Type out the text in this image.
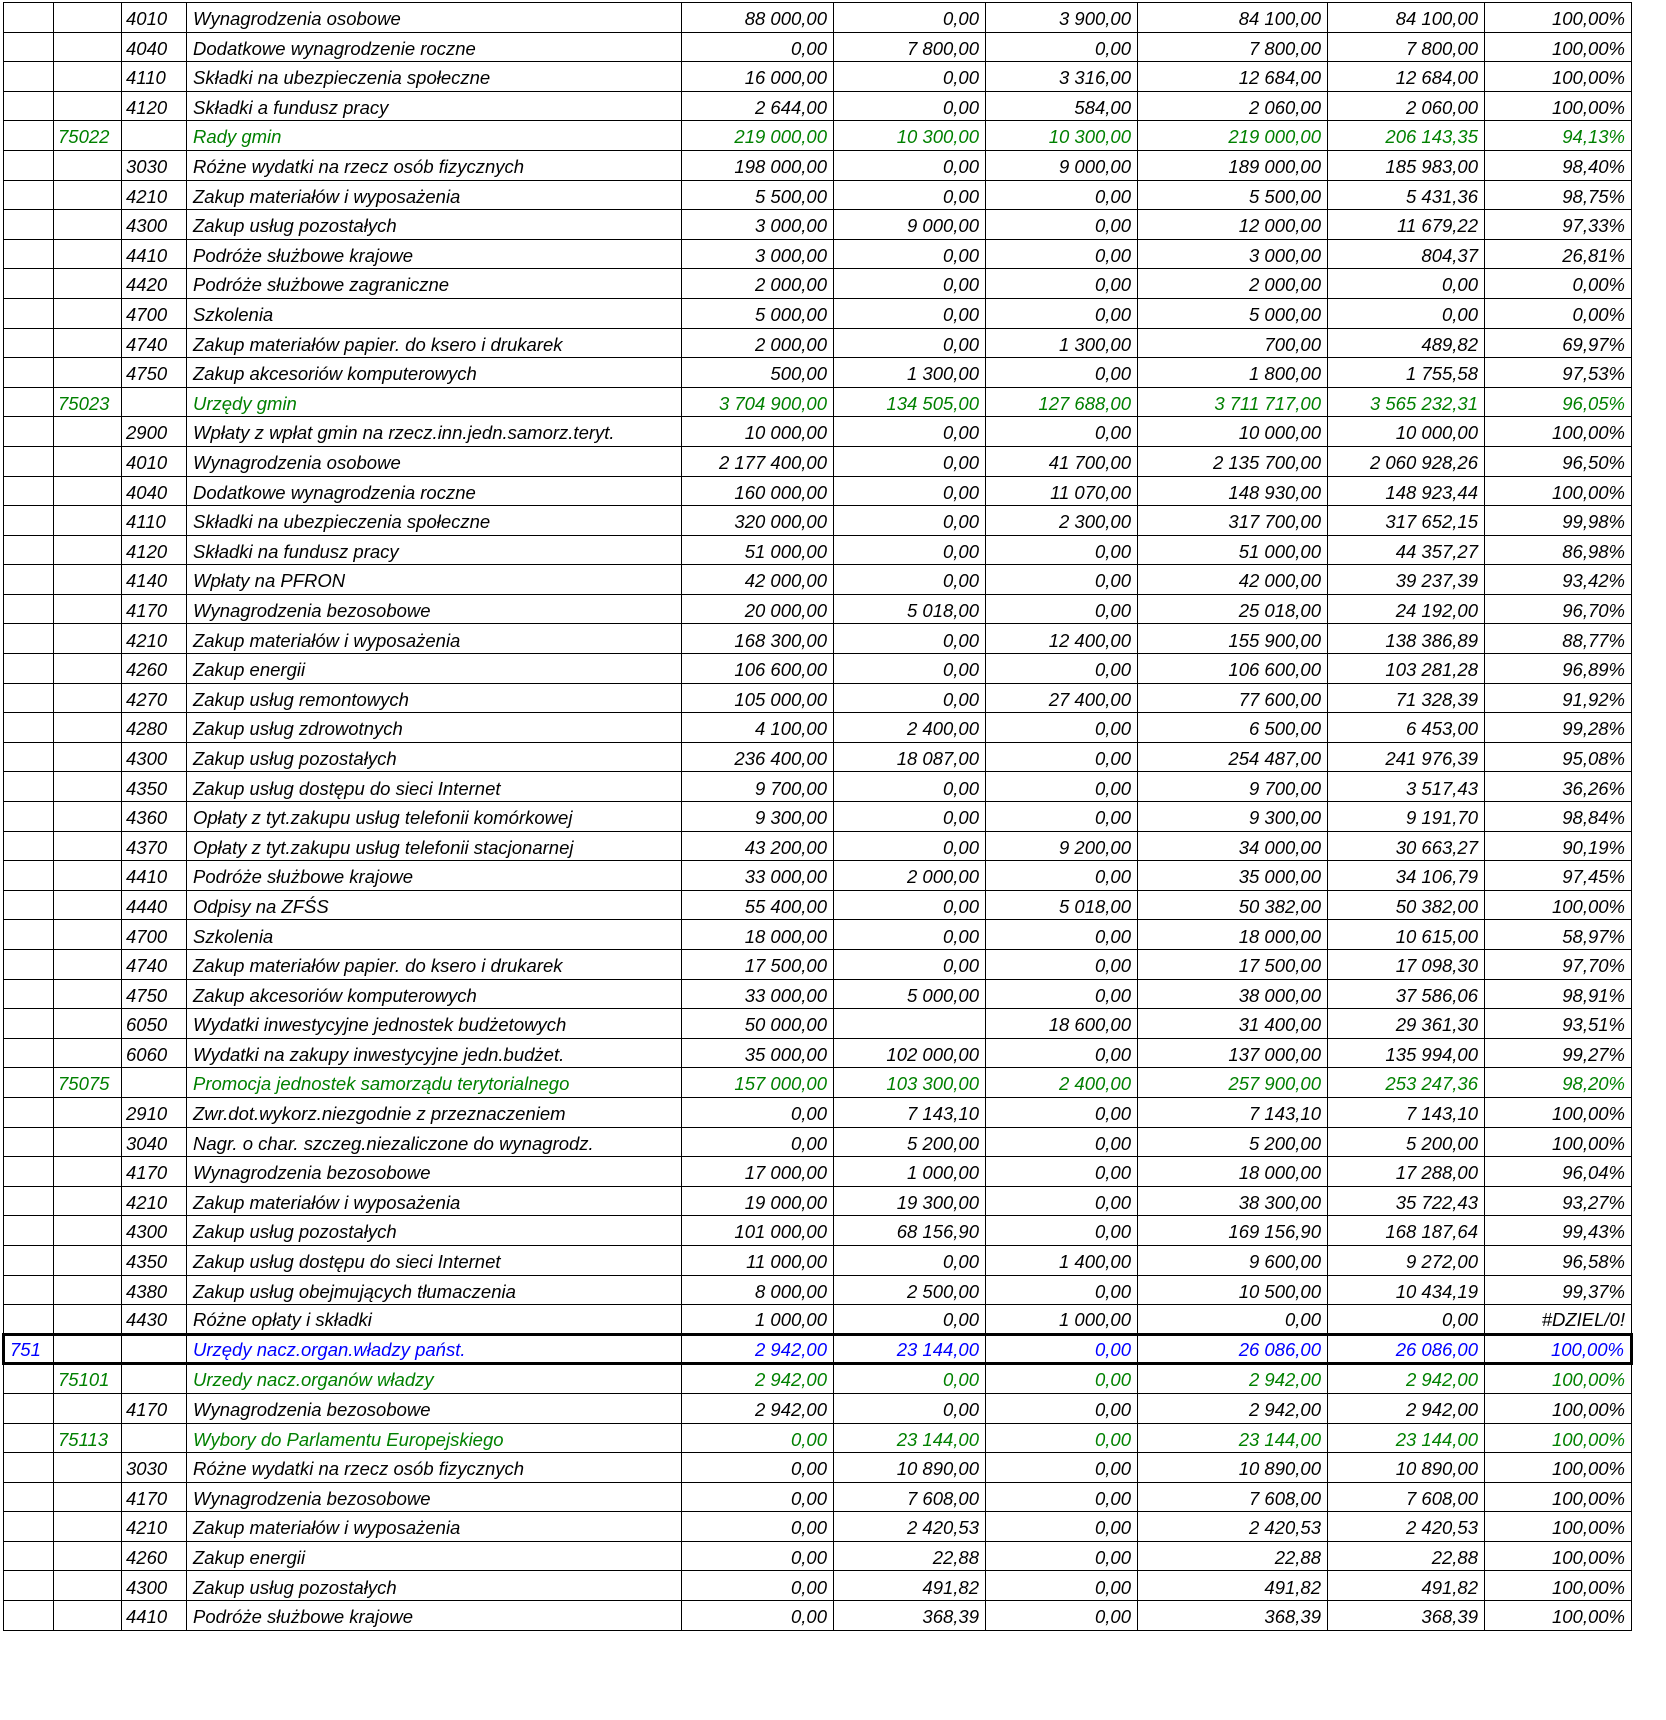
		4010	Wynagrodzenia osobowe	88 000,00	0,00	3 900,00	84 100,00	84 100,00	100,00%
		4040	Dodatkowe wynagrodzenie roczne	0,00	7 800,00	0,00	7 800,00	7 800,00	100,00%
		4110	Składki na ubezpieczenia społeczne	16 000,00	0,00	3 316,00	12 684,00	12 684,00	100,00%
		4120	Składki a fundusz pracy	2 644,00	0,00	584,00	2 060,00	2 060,00	100,00%
	75022		Rady gmin	219 000,00	10 300,00	10 300,00	219 000,00	206 143,35	94,13%
		3030	Różne wydatki na rzecz osób fizycznych	198 000,00	0,00	9 000,00	189 000,00	185 983,00	98,40%
		4210	Zakup materiałów i wyposażenia	5 500,00	0,00	0,00	5 500,00	5 431,36	98,75%
		4300	Zakup usług pozostałych	3 000,00	9 000,00	0,00	12 000,00	11 679,22	97,33%
		4410	Podróże służbowe krajowe	3 000,00	0,00	0,00	3 000,00	804,37	26,81%
		4420	Podróże służbowe zagraniczne	2 000,00	0,00	0,00	2 000,00	0,00	0,00%
		4700	Szkolenia	5 000,00	0,00	0,00	5 000,00	0,00	0,00%
		4740	Zakup materiałów papier. do ksero i drukarek	2 000,00	0,00	1 300,00	700,00	489,82	69,97%
		4750	Zakup akcesoriów komputerowych	500,00	1 300,00	0,00	1 800,00	1 755,58	97,53%
	75023		Urzędy gmin	3 704 900,00	134 505,00	127 688,00	3 711 717,00	3 565 232,31	96,05%
		2900	Wpłaty z wpłat gmin na rzecz.inn.jedn.samorz.teryt.	10 000,00	0,00	0,00	10 000,00	10 000,00	100,00%
		4010	Wynagrodzenia osobowe	2 177 400,00	0,00	41 700,00	2 135 700,00	2 060 928,26	96,50%
		4040	Dodatkowe wynagrodzenia roczne	160 000,00	0,00	11 070,00	148 930,00	148 923,44	100,00%
		4110	Składki na ubezpieczenia społeczne	320 000,00	0,00	2 300,00	317 700,00	317 652,15	99,98%
		4120	Składki na fundusz pracy	51 000,00	0,00	0,00	51 000,00	44 357,27	86,98%
		4140	Wpłaty na PFRON	42 000,00	0,00	0,00	42 000,00	39 237,39	93,42%
		4170	Wynagrodzenia bezosobowe	20 000,00	5 018,00	0,00	25 018,00	24 192,00	96,70%
		4210	Zakup materiałów i wyposażenia	168 300,00	0,00	12 400,00	155 900,00	138 386,89	88,77%
		4260	Zakup energii	106 600,00	0,00	0,00	106 600,00	103 281,28	96,89%
		4270	Zakup usług remontowych	105 000,00	0,00	27 400,00	77 600,00	71 328,39	91,92%
		4280	Zakup usług zdrowotnych	4 100,00	2 400,00	0,00	6 500,00	6 453,00	99,28%
		4300	Zakup usług pozostałych	236 400,00	18 087,00	0,00	254 487,00	241 976,39	95,08%
		4350	Zakup usług dostępu do sieci Internet	9 700,00	0,00	0,00	9 700,00	3 517,43	36,26%
		4360	Opłaty z tyt.zakupu usług telefonii komórkowej	9 300,00	0,00	0,00	9 300,00	9 191,70	98,84%
		4370	Opłaty z tyt.zakupu usług telefonii stacjonarnej	43 200,00	0,00	9 200,00	34 000,00	30 663,27	90,19%
		4410	Podróże służbowe krajowe	33 000,00	2 000,00	0,00	35 000,00	34 106,79	97,45%
		4440	Odpisy na ZFŚS	55 400,00	0,00	5 018,00	50 382,00	50 382,00	100,00%
		4700	Szkolenia	18 000,00	0,00	0,00	18 000,00	10 615,00	58,97%
		4740	Zakup materiałów papier. do ksero i drukarek	17 500,00	0,00	0,00	17 500,00	17 098,30	97,70%
		4750	Zakup akcesoriów komputerowych	33 000,00	5 000,00	0,00	38 000,00	37 586,06	98,91%
		6050	Wydatki inwestycyjne jednostek budżetowych	50 000,00		18 600,00	31 400,00	29 361,30	93,51%
		6060	Wydatki na zakupy inwestycyjne jedn.budżet.	35 000,00	102 000,00	0,00	137 000,00	135 994,00	99,27%
	75075		Promocja jednostek samorządu terytorialnego	157 000,00	103 300,00	2 400,00	257 900,00	253 247,36	98,20%
		2910	Zwr.dot.wykorz.niezgodnie z przeznaczeniem	0,00	7 143,10	0,00	7 143,10	7 143,10	100,00%
		3040	Nagr. o char. szczeg.niezaliczone do wynagrodz.	0,00	5 200,00	0,00	5 200,00	5 200,00	100,00%
		4170	Wynagrodzenia bezosobowe	17 000,00	1 000,00	0,00	18 000,00	17 288,00	96,04%
		4210	Zakup materiałów i wyposażenia	19 000,00	19 300,00	0,00	38 300,00	35 722,43	93,27%
		4300	Zakup usług pozostałych	101 000,00	68 156,90	0,00	169 156,90	168 187,64	99,43%
		4350	Zakup usług dostępu do sieci Internet	11 000,00	0,00	1 400,00	9 600,00	9 272,00	96,58%
		4380	Zakup usług obejmujących tłumaczenia	8 000,00	2 500,00	0,00	10 500,00	10 434,19	99,37%
		4430	Różne opłaty i składki	1 000,00	0,00	1 000,00	0,00	0,00	#DZIEL/0!
751			Urzędy nacz.organ.władzy państ.	2 942,00	23 144,00	0,00	26 086,00	26 086,00	100,00%
	75101		Urzedy nacz.organów władzy	2 942,00	0,00	0,00	2 942,00	2 942,00	100,00%
		4170	Wynagrodzenia bezosobowe	2 942,00	0,00	0,00	2 942,00	2 942,00	100,00%
	75113		Wybory do Parlamentu Europejskiego	0,00	23 144,00	0,00	23 144,00	23 144,00	100,00%
		3030	Różne wydatki na rzecz osób fizycznych	0,00	10 890,00	0,00	10 890,00	10 890,00	100,00%
		4170	Wynagrodzenia bezosobowe	0,00	7 608,00	0,00	7 608,00	7 608,00	100,00%
		4210	Zakup materiałów i wyposażenia	0,00	2 420,53	0,00	2 420,53	2 420,53	100,00%
		4260	Zakup energii	0,00	22,88	0,00	22,88	22,88	100,00%
		4300	Zakup usług pozostałych	0,00	491,82	0,00	491,82	491,82	100,00%
		4410	Podróże służbowe krajowe	0,00	368,39	0,00	368,39	368,39	100,00%
